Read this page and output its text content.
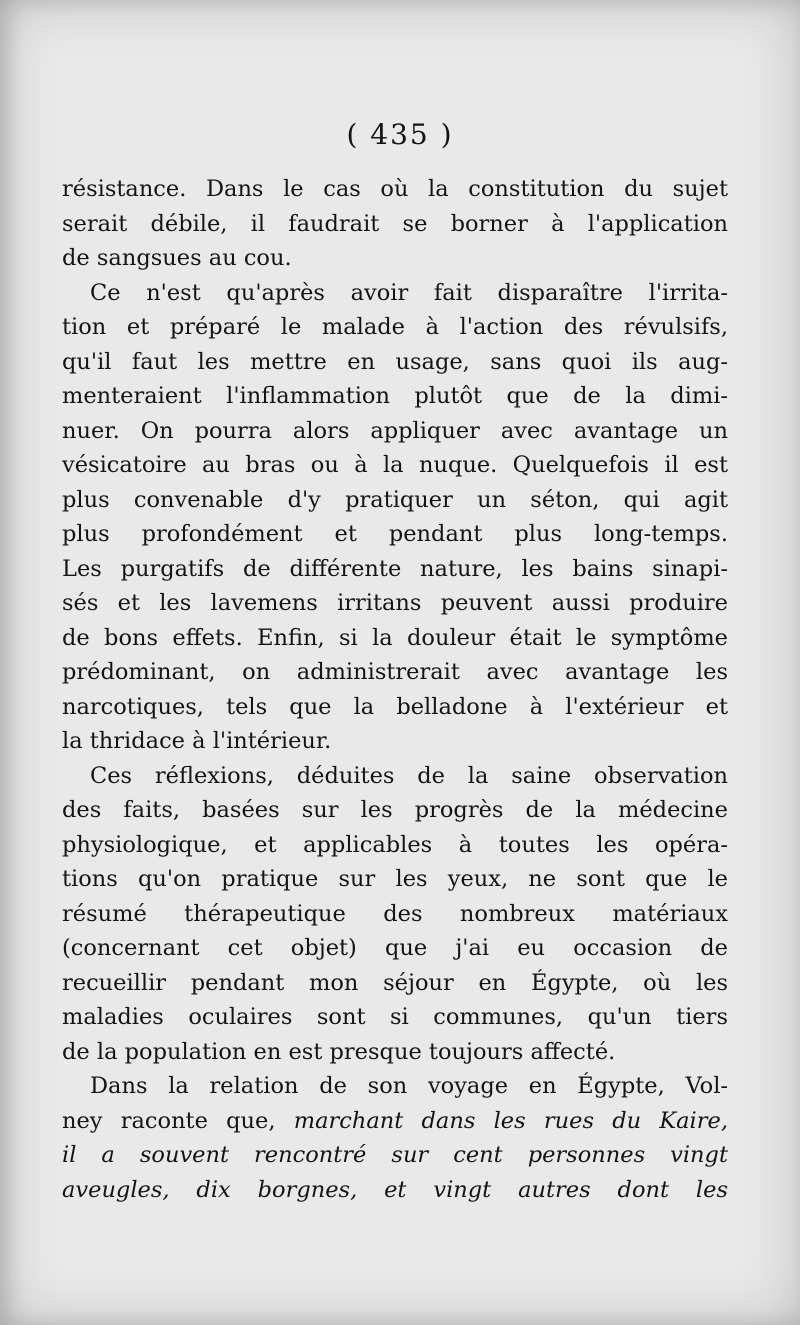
( 435 )
résistance. Dans le cas où la constitution du sujet
serait débile, il faudrait se borner à l'application
de sangsues au cou.
Ce n'est qu'après avoir fait disparaître l'irrita-
tion et préparé le malade à l'action des révulsifs,
qu'il faut les mettre en usage, sans quoi ils aug-
menteraient l'inflammation plutôt que de la dimi-
nuer. On pourra alors appliquer avec avantage un
vésicatoire au bras ou à la nuque. Quelquefois il est
plus convenable d'y pratiquer un séton, qui agit
plus profondément et pendant plus long-temps.
Les purgatifs de différente nature, les bains sinapi-
sés et les lavemens irritans peuvent aussi produire
de bons effets. Enfin, si la douleur était le symptôme
prédominant, on administrerait avec avantage les
narcotiques, tels que la belladone à l'extérieur et
la thridace à l'intérieur.
Ces réflexions, déduites de la saine observation
des faits, basées sur les progrès de la médecine
physiologique, et applicables à toutes les opéra-
tions qu'on pratique sur les yeux, ne sont que le
résumé thérapeutique des nombreux matériaux
(concernant cet objet) que j'ai eu occasion de
recueillir pendant mon séjour en Égypte, où les
maladies oculaires sont si communes, qu'un tiers
de la population en est presque toujours affecté.
Dans la relation de son voyage en Égypte, Vol-
ney raconte que, marchant dans les rues du Kaire,
il a souvent rencontré sur cent personnes vingt
aveugles, dix borgnes, et vingt autres dont les
